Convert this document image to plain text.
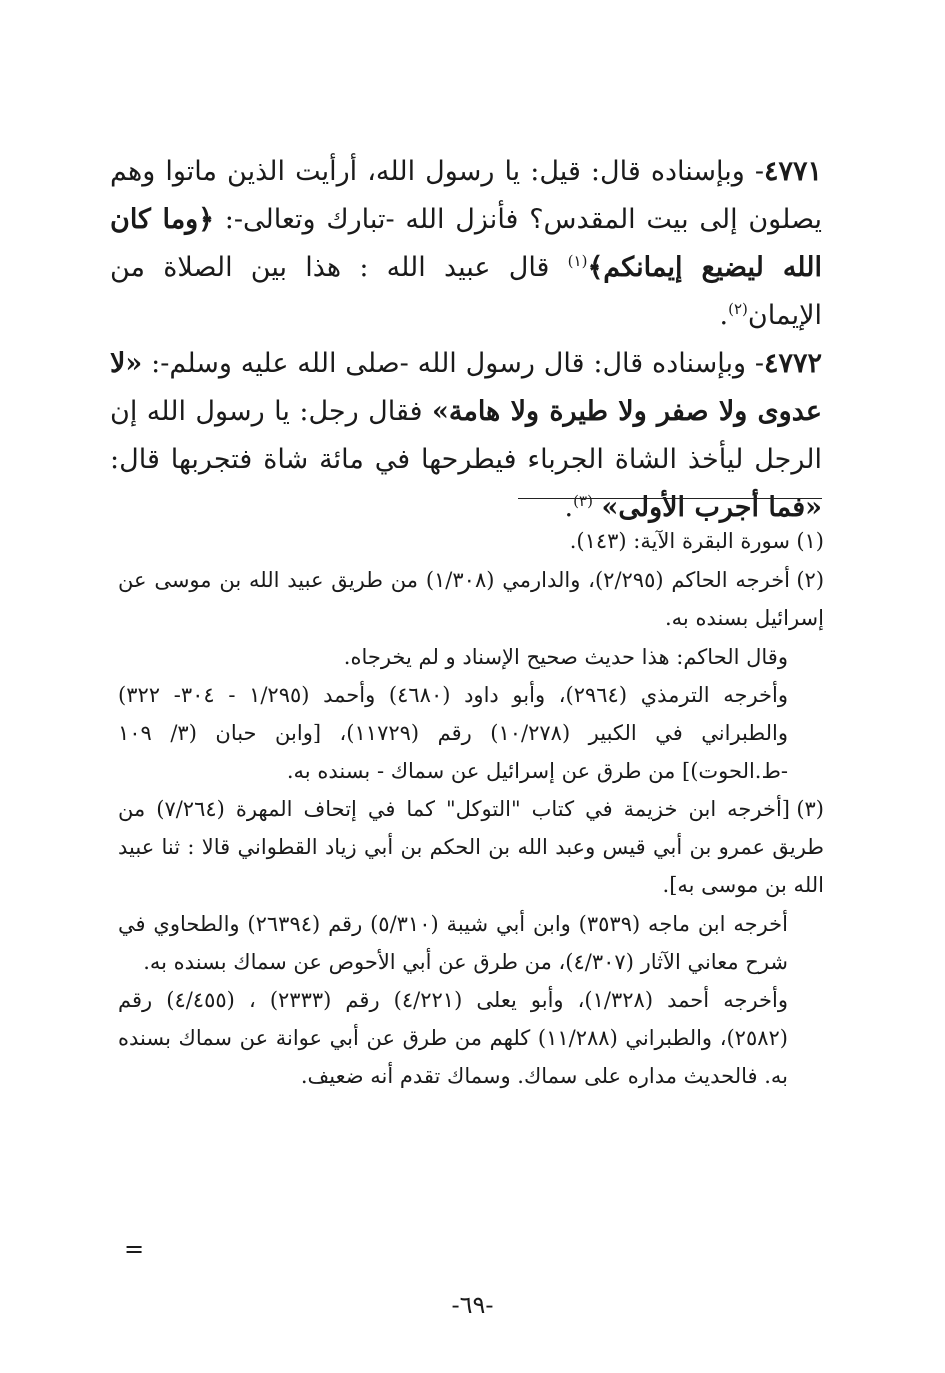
٤٧٧١- وبإسناده قال: قيل: يا رسول الله، أرأيت الذين ماتوا وهم يصلون إلى بيت المقدس؟ فأنزل الله -تبارك وتعالى-: ﴿وما كان الله ليضيع إيمانكم﴾$^{(١)}$ قال عبيد الله : هذا بين الصلاة من الإيمان$^{(٢)}$.

٤٧٧٢- وبإسناده قال: قال رسول الله -صلى الله عليه وسلم-: «لا عدوى ولا صفر ولا طيرة ولا هامة» فقال رجل: يا رسول الله إن الرجل ليأخذ الشاة الجرباء فيطرحها في مائة شاة فتجربها قال: «فما أجرب الأولى» $^{(٣)}$.

(١)سورة البقرة الآية: (١٤٣).

(٢)أخرجه الحاكم (٢/٢٩٥)، والدارمي (١/٣٠٨) من طريق عبيد الله بن موسى عن إسرائيل بسنده به.

وقال الحاكم: هذا حديث صحيح الإسناد و لم يخرجاه.

وأخرجه الترمذي (٢٩٦٤)، وأبو داود (٤٦٨٠) وأحمد (١/٢٩٥ - ٣٠٤- ٣٢٢) والطبراني في الكبير (١٠/٢٧٨) رقم (١١٧٢٩)، [وابن حبان (٣/ ١٠٩ -ط.الحوت)] من طرق عن إسرائيل عن سماك - بسنده به.

(٣)[أخرجه ابن خزيمة في كتاب "التوكل" كما في إتحاف المهرة (٧/٢٦٤) من طريق عمرو بن أبي قيس وعبد الله بن الحكم بن أبي زياد القطواني قالا : ثنا عبيد الله بن موسى به].

أخرجه ابن ماجه (٣٥٣٩) وابن أبي شيبة (٥/٣١٠) رقم (٢٦٣٩٤) والطحاوي في شرح معاني الآثار (٤/٣٠٧)، من طرق عن أبي الأحوص عن سماك بسنده به.

وأخرجه أحمد (١/٣٢٨)، وأبو يعلى (٤/٢٢١) رقم (٢٣٣٣) ، (٤/٤٥٥) رقم (٢٥٨٢)، والطبراني (١١/٢٨٨) كلهم من طرق عن أبي عوانة عن سماك بسنده به. فالحديث مداره على سماك. وسماك تقدم أنه ضعيف.

=
-٦٩-
